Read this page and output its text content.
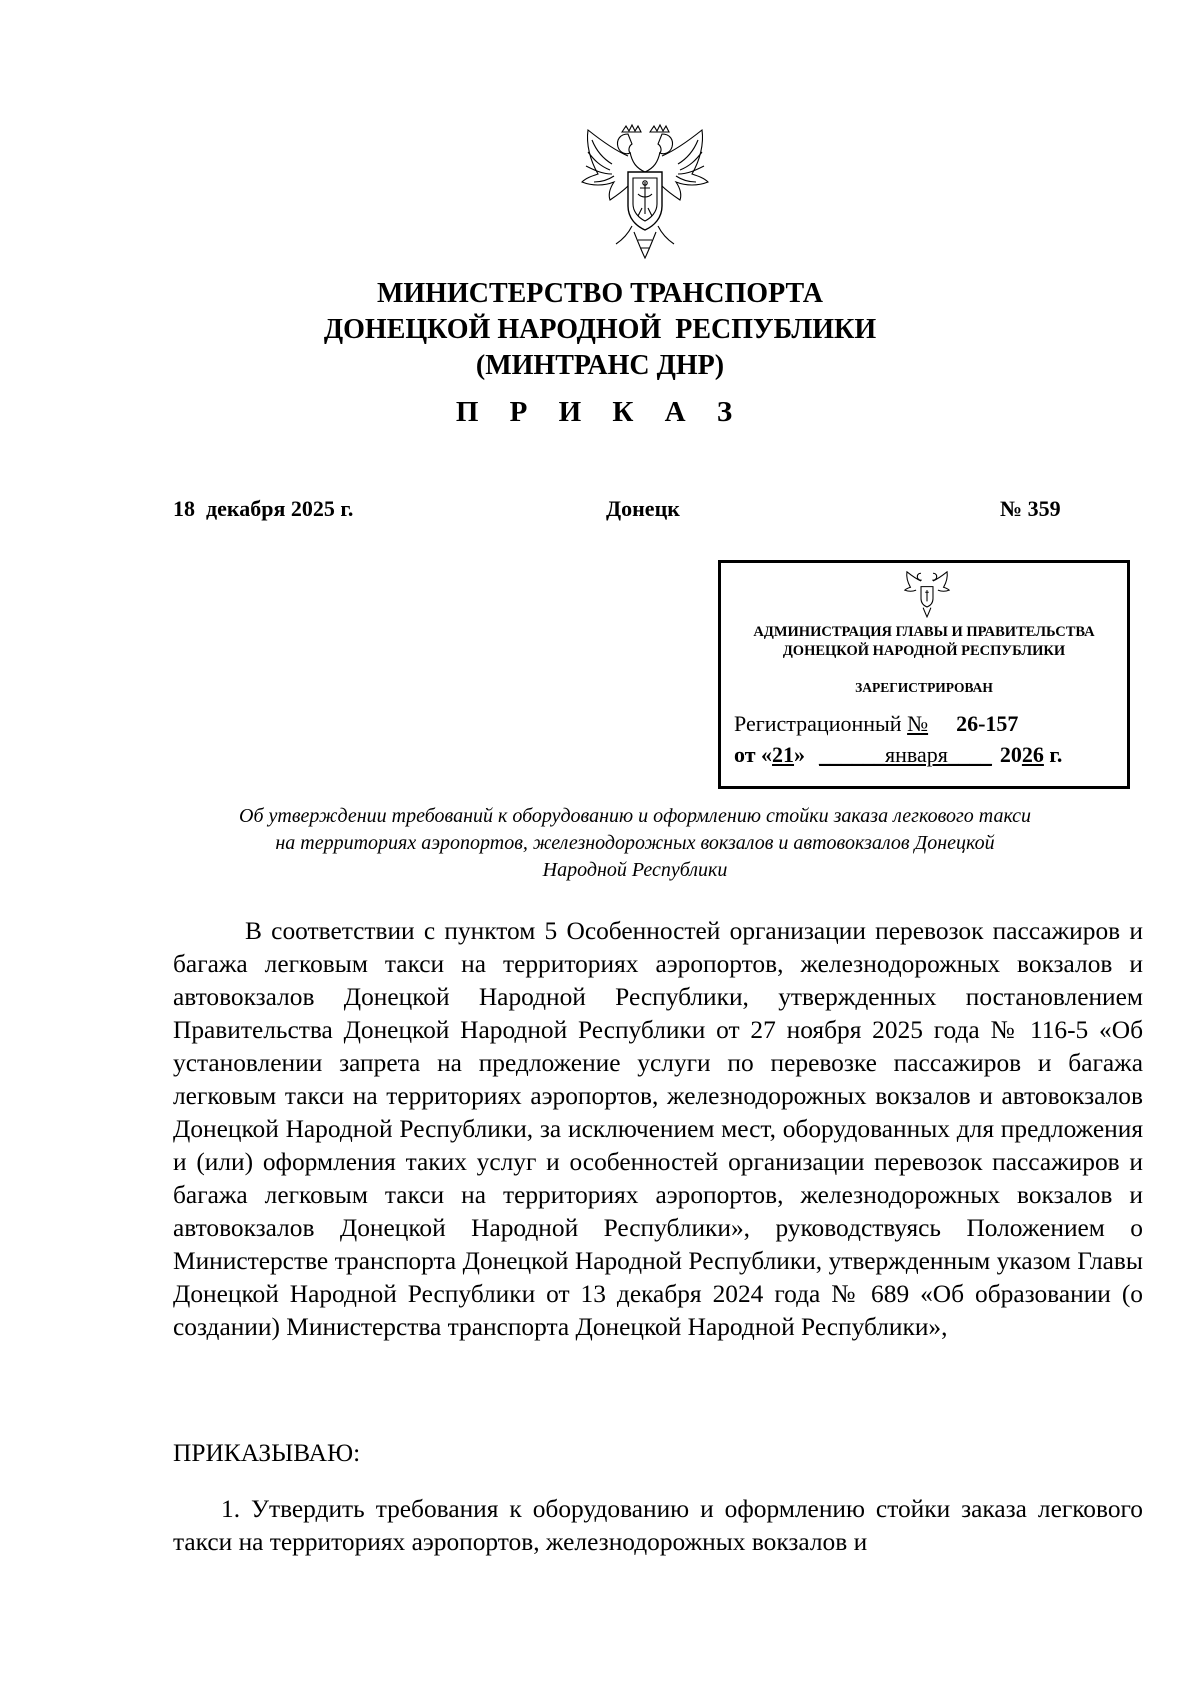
МИНИСТЕРСТВО ТРАНСПОРТА
ДОНЕЦКОЙ НАРОДНОЙ  РЕСПУБЛИКИ
(МИНТРАНС ДНР)
П Р И К А З
18  декабря 2025 г.	Донецк	№ 359
АДМИНИСТРАЦИЯ ГЛАВЫ И ПРАВИТЕЛЬСТВА
ДОНЕЦКОЙ НАРОДНОЙ РЕСПУБЛИКИ
ЗАРЕГИСТРИРОВАН
Регистрационный № 26-157
от «21» ______января____ 2026 г.
Об утверждении требований к оборудованию и оформлению стойки заказа легкового такси
на территориях аэропортов, железнодорожных вокзалов и автовокзалов Донецкой
Народной Республики

В соответствии с пунктом 5 Особенностей организации перевозок пассажиров и багажа легковым такси на территориях аэропортов, железнодорожных вокзалов и автовокзалов Донецкой Народной Республики, утвержденных постановлением Правительства Донецкой Народной Республики от 27 ноября 2025 года № 116-5 «Об установлении запрета на предложение услуги по перевозке пассажиров и багажа легковым такси на территориях аэропортов, железнодорожных вокзалов и автовокзалов Донецкой Народной Республики, за исключением мест, оборудованных для предложения и (или) оформления таких услуг и особенностей организации перевозок пассажиров и багажа легковым такси на территориях аэропортов, железнодорожных вокзалов и автовокзалов Донецкой Народной Республики», руководствуясь Положением о Министерстве транспорта Донецкой Народной Республики, утвержденным указом Главы Донецкой Народной Республики от 13 декабря 2024 года № 689 «Об образовании (о создании) Министерства транспорта Донецкой Народной Республики»,

ПРИКАЗЫВАЮ:

1. Утвердить требования к оборудованию и оформлению стойки заказа легкового такси на территориях аэропортов, железнодорожных вокзалов и
